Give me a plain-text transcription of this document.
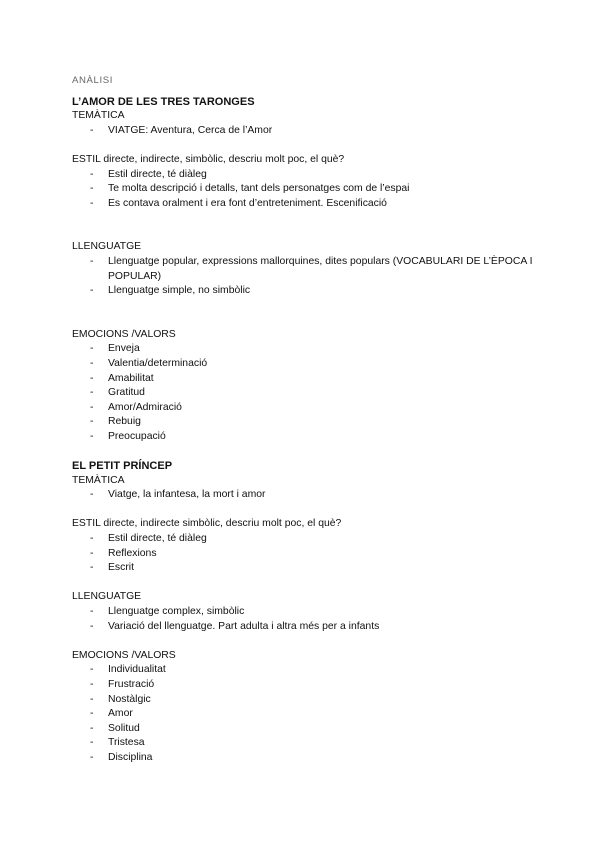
ANÀLISI
L’AMOR DE LES TRES TARONGES
TEMÀTICA
- VIATGE: Aventura, Cerca de l’Amor
ESTIL directe, indirecte, simbòlic, descriu molt poc, el què?
- Estil directe, té diàleg
- Te molta descripció i detalls, tant dels personatges com de l’espai
- Es contava oralment i era font d’entreteniment. Escenificació
LLENGUATGE
- Llenguatge popular, expressions mallorquines, dites populars (VOCABULARI DE L’ÈPOCA I POPULAR)
- Llenguatge simple, no simbòlic
EMOCIONS /VALORS
- Enveja
- Valentia/determinació
- Amabilitat
- Gratitud
- Amor/Admiració
- Rebuig
- Preocupació
EL PETIT PRÍNCEP
TEMÀTICA
- Viatge, la infantesa, la mort i amor
ESTIL directe, indirecte simbòlic, descriu molt poc, el què?
- Estil directe, té diàleg
- Reflexions
- Escrit
LLENGUATGE
- Llenguatge complex, simbòlic
- Variació del llenguatge. Part adulta i altra més per a infants
EMOCIONS /VALORS
- Individualitat
- Frustració
- Nostàlgic
- Amor
- Solitud
- Tristesa
- Disciplina
